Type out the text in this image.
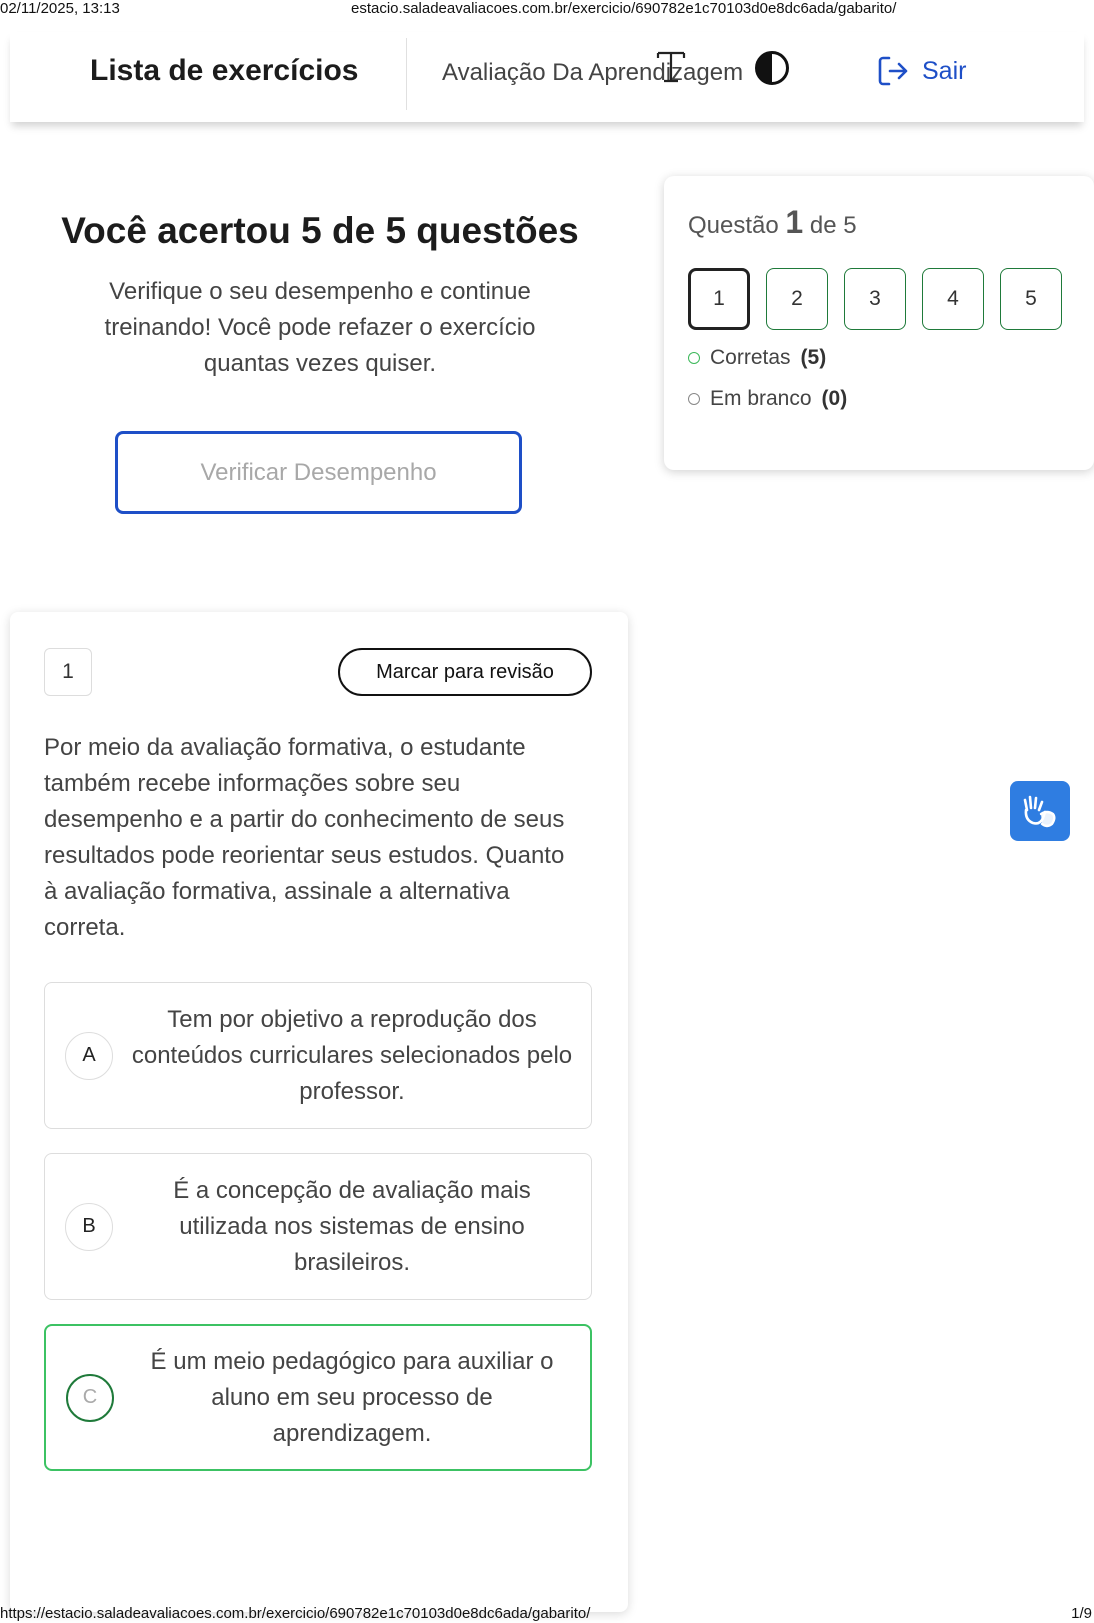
02/11/2025, 13:13	estacio.saladeavaliacoes.com.br/exercicio/690782e1c70103d0e8dc6ada/gabarito/
Lista de exercícios	Avaliação Da Aprendizagem	Sair
Você acertou 5 de 5 questões

Verifique o seu desempenho e continue treinando! Você pode refazer o exercício quantas vezes quiser.

Verificar Desempenho
Questão 1 de 5
1	2	3	4	5
Corretas (5)
Em branco (0)
1	Marcar para revisão
Por meio da avaliação formativa, o estudante também recebe informações sobre seu desempenho e a partir do conhecimento de seus resultados pode reorientar seus estudos. Quanto à avaliação formativa, assinale a alternativa correta.
A
Tem por objetivo a reprodução dos conteúdos curriculares selecionados pelo professor.
B
É a concepção de avaliação mais utilizada nos sistemas de ensino brasileiros.
C
É um meio pedagógico para auxiliar o aluno em seu processo de aprendizagem.
https://estacio.saladeavaliacoes.com.br/exercicio/690782e1c70103d0e8dc6ada/gabarito/	1/9
